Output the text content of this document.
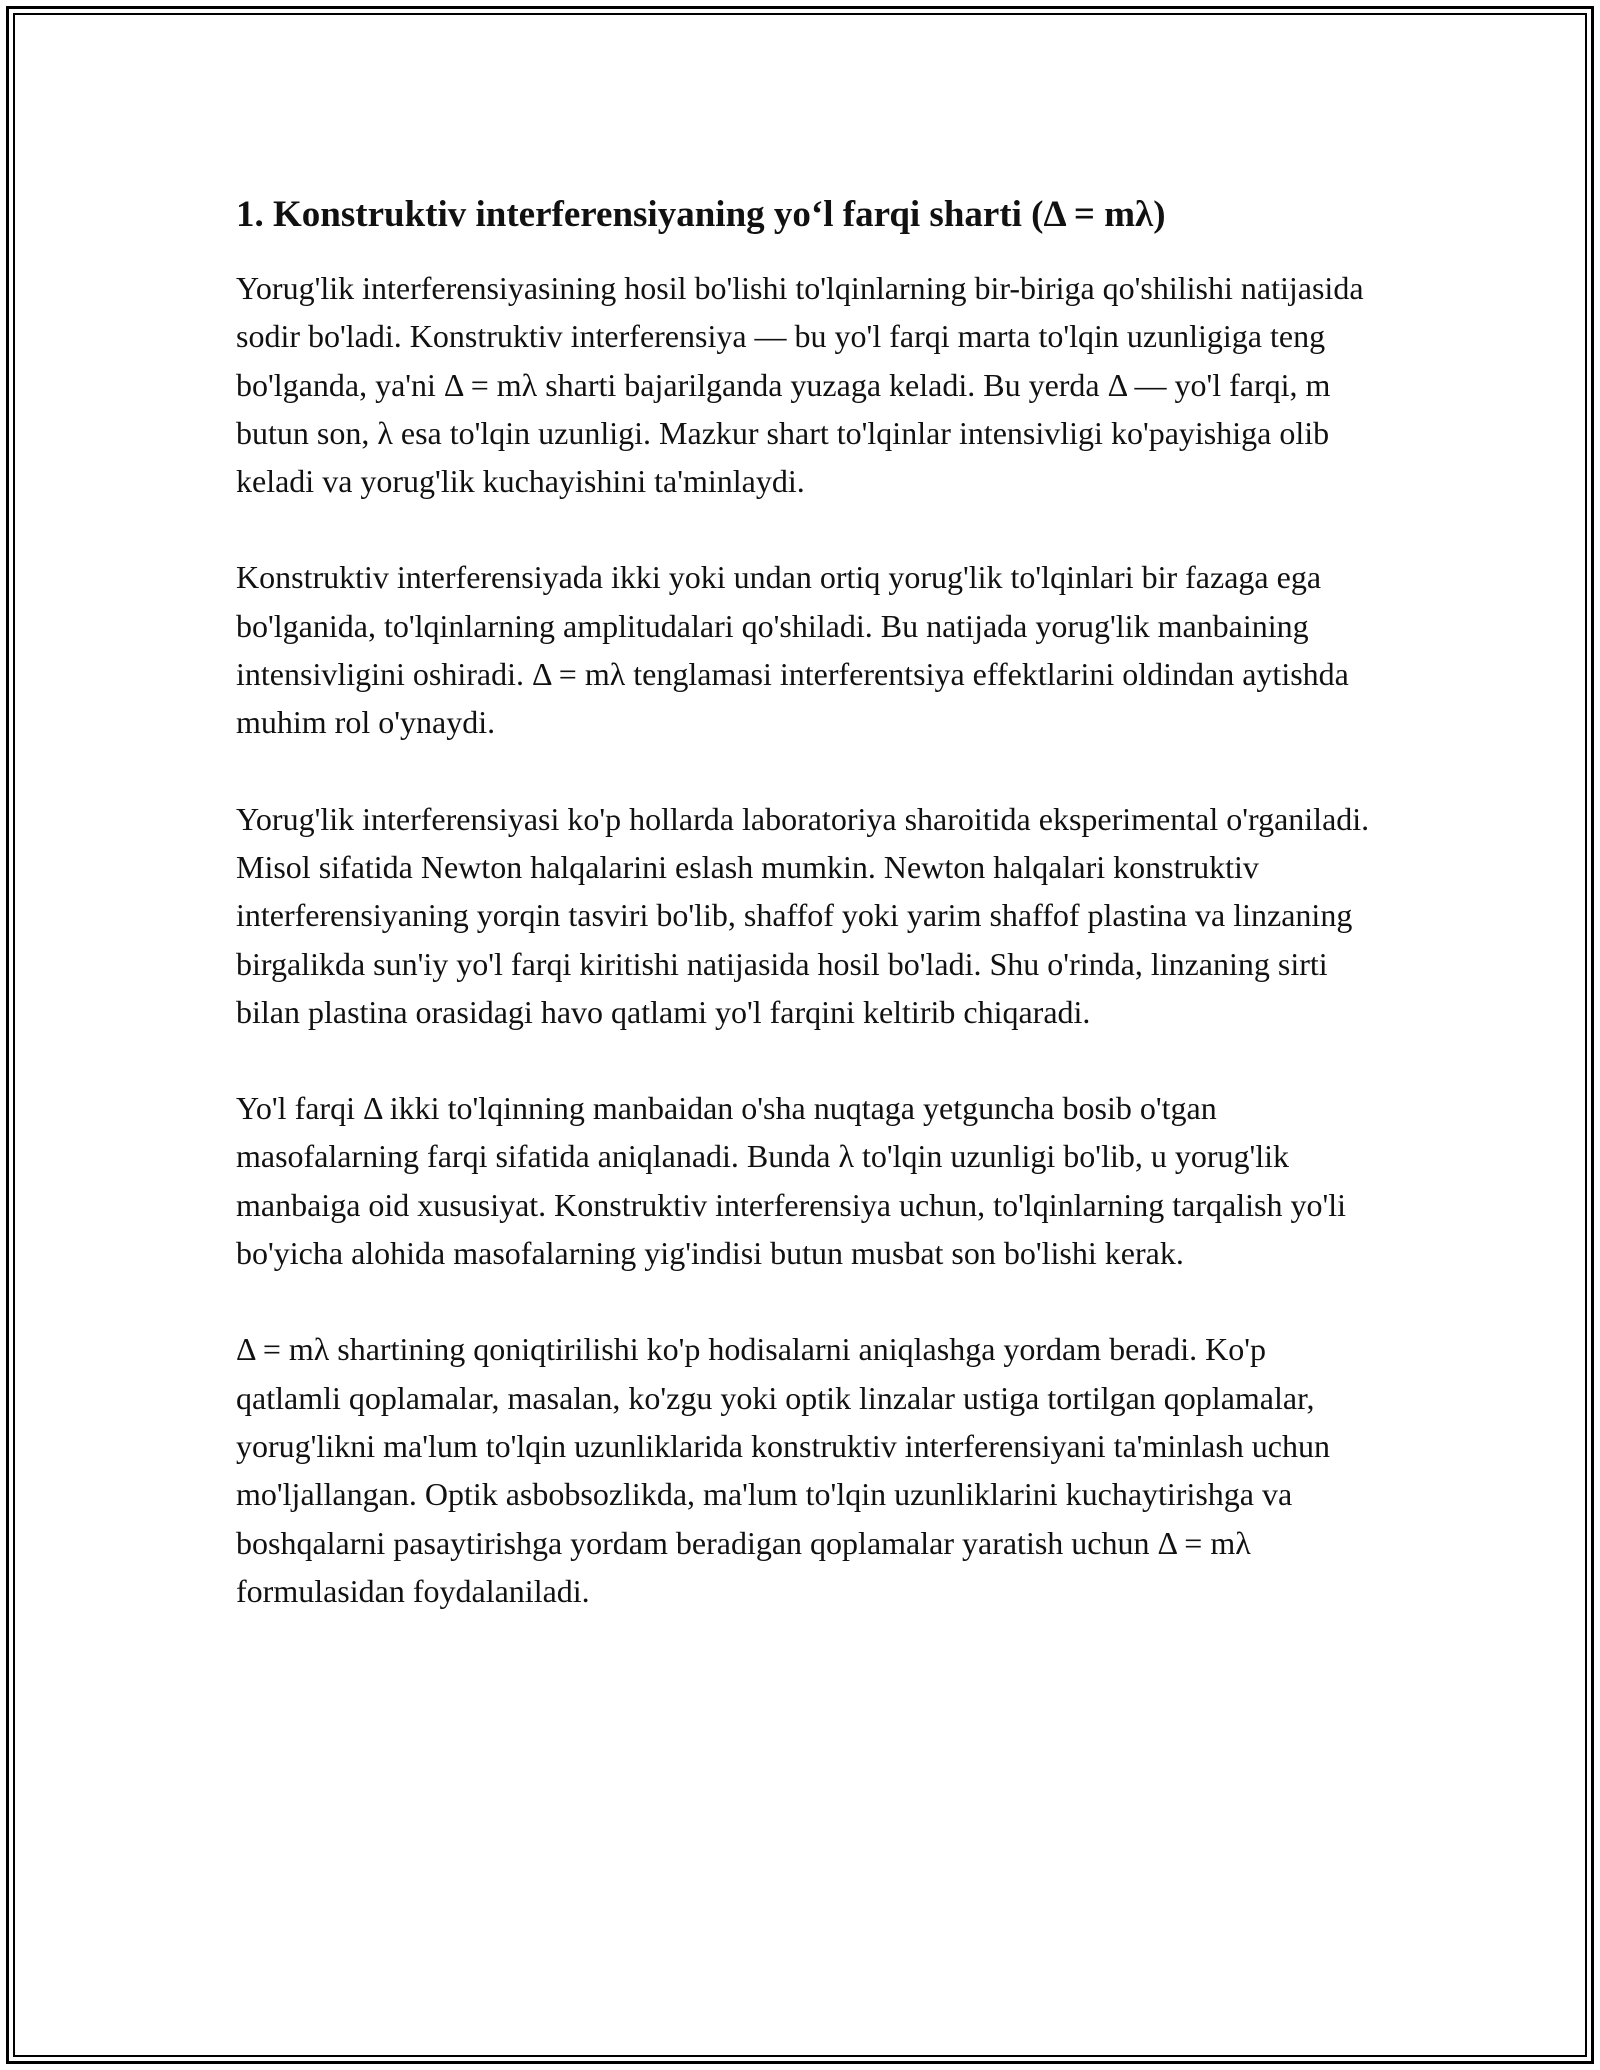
1. Konstruktiv interferensiyaning yo‘l farqi sharti (Δ = mλ)

Yorug'lik interferensiyasining hosil bo'lishi to'lqinlarning bir-biriga qo'shilishi natijasida sodir bo'ladi. Konstruktiv interferensiya — bu yo'l farqi marta to'lqin uzunligiga teng bo'lganda, ya'ni Δ = mλ sharti bajarilganda yuzaga keladi. Bu yerda Δ — yo'l farqi, m butun son, λ esa to'lqin uzunligi. Mazkur shart to'lqinlar intensivligi ko'payishiga olib keladi va yorug'lik kuchayishini ta'minlaydi.

Konstruktiv interferensiyada ikki yoki undan ortiq yorug'lik to'lqinlari bir fazaga ega bo'lganida, to'lqinlarning amplitudalari qo'shiladi. Bu natijada yorug'lik manbaining intensivligini oshiradi. Δ = mλ tenglamasi interferentsiya effektlarini oldindan aytishda muhim rol o'ynaydi.

Yorug'lik interferensiyasi ko'p hollarda laboratoriya sharoitida eksperimental o'rganiladi. Misol sifatida Newton halqalarini eslash mumkin. Newton halqalari konstruktiv interferensiyaning yorqin tasviri bo'lib, shaffof yoki yarim shaffof plastina va linzaning birgalikda sun'iy yo'l farqi kiritishi natijasida hosil bo'ladi. Shu o'rinda, linzaning sirti bilan plastina orasidagi havo qatlami yo'l farqini keltirib chiqaradi.

Yo'l farqi Δ ikki to'lqinning manbaidan o'sha nuqtaga yetguncha bosib o'tgan masofalarning farqi sifatida aniqlanadi. Bunda λ to'lqin uzunligi bo'lib, u yorug'lik manbaiga oid xususiyat. Konstruktiv interferensiya uchun, to'lqinlarning tarqalish yo'li bo'yicha alohida masofalarning yig'indisi butun musbat son bo'lishi kerak.

Δ = mλ shartining qoniqtirilishi ko'p hodisalarni aniqlashga yordam beradi. Ko'p qatlamli qoplamalar, masalan, ko'zgu yoki optik linzalar ustiga tortilgan qoplamalar, yorug'likni ma'lum to'lqin uzunliklarida konstruktiv interferensiyani ta'minlash uchun mo'ljallangan. Optik asbobsozlikda, ma'lum to'lqin uzunliklarini kuchaytirishga va boshqalarni pasaytirishga yordam beradigan qoplamalar yaratish uchun Δ = mλ formulasidan foydalaniladi.
